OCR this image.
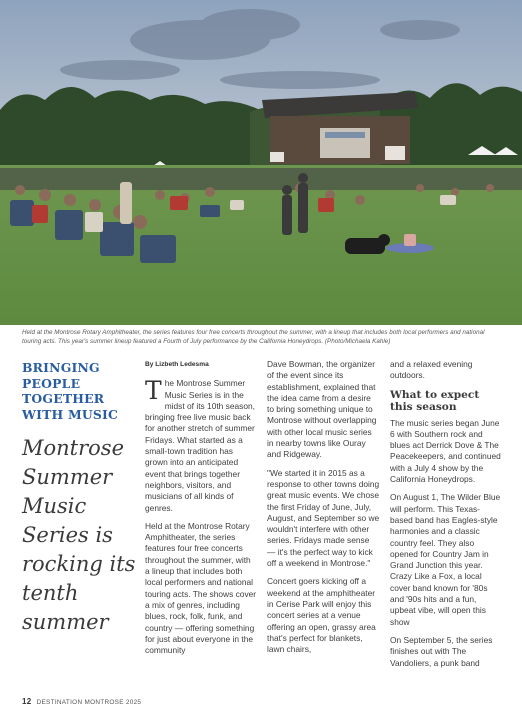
Held at the Montrose Rotary Amphitheater, the series features four free concerts throughout the summer, with a lineup that includes both local performers and national touring acts. This year's summer lineup featured a Fourth of July performance by the California Honeydrops. (Photo/Michaela Kahle)
BRINGING PEOPLE TOGETHER WITH MUSIC
Montrose Summer Music Series is rocking its tenth summer
By Lizbeth Ledesma

The Montrose Summer Music Series is in the midst of its 10th season, bringing free live music back for another stretch of summer Fridays. What started as a small-town tradition has grown into an anticipated event that brings together neighbors, visitors, and musicians of all kinds of genres.

Held at the Montrose Rotary Amphitheater, the series features four free concerts throughout the summer, with a lineup that includes both local performers and national touring acts. The shows cover a mix of genres, including blues, rock, folk, funk, and country — offering something for just about everyone in the community

Dave Bowman, the organizer of the event since its establishment, explained that the idea came from a desire to bring something unique to Montrose without overlapping with other local music series in nearby towns like Ouray and Ridgeway.

"We started it in 2015 as a response to other towns doing great music events. We chose the first Friday of June, July, August, and September so we wouldn't interfere with other series. Fridays made sense — it's the perfect way to kick off a weekend in Montrose."

Concert goers kicking off a weekend at the amphitheater in Cerise Park will enjoy this concert series at a venue offering an open, grassy area that's perfect for blankets, lawn chairs,

and a relaxed evening outdoors.

What to expect this season

The music series began June 6 with Southern rock and blues act Derrick Dove & The Peacekeepers, and continued with a July 4 show by the California Honeydrops.

On August 1, The Wilder Blue will perform. This Texas-based band has Eagles-style harmonies and a classic country feel. They also opened for Country Jam in Grand Junction this year. Crazy Like a Fox, a local cover band known for '80s and '90s hits and a fun, upbeat vibe, will open this show

On September 5, the series finishes out with The Vandoliers, a punk band

12 DESTINATION MONTROSE 2025
